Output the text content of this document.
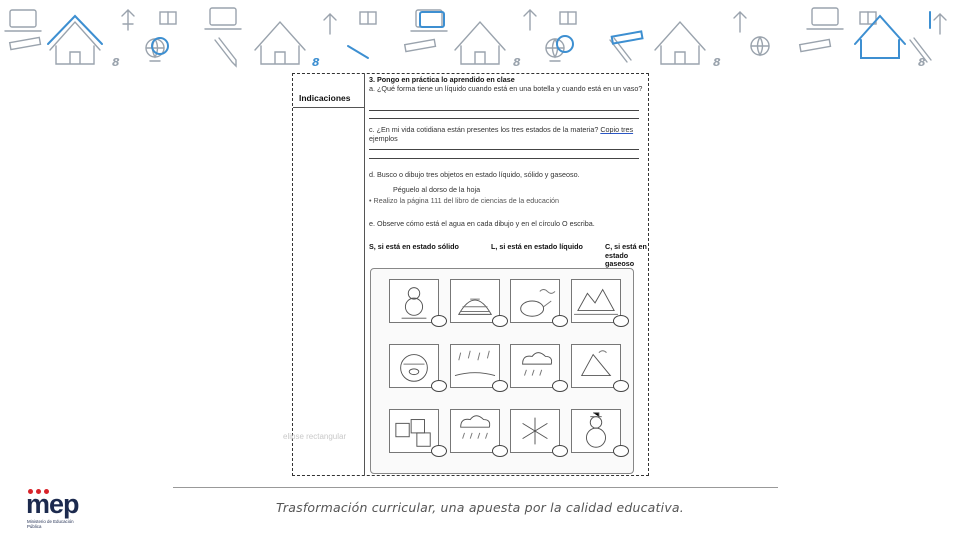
8	8	8	8	8
Indicaciones
3. Pongo en práctica lo aprendido en clase
a. ¿Qué forma tiene un líquido cuando está en una botella y cuando está en un vaso?
c. ¿En mi vida cotidiana están presentes los tres estados de la materia? Copio tres ejemplos
d. Busco o dibujo tres objetos en estado líquido, sólido y gaseoso.
Péguelo al dorso de la hoja
• Realizo la página 111 del libro de ciencias de la educación
e. Observe cómo está el agua en cada dibujo y en el círculo O escriba.
S, si está en estado sólido	L, si está en estado líquido	C, si está en estado gaseoso
elipse rectangular
Trasformación curricular, una apuesta por la calidad educativa.
mep
Ministerio de Educación Pública
